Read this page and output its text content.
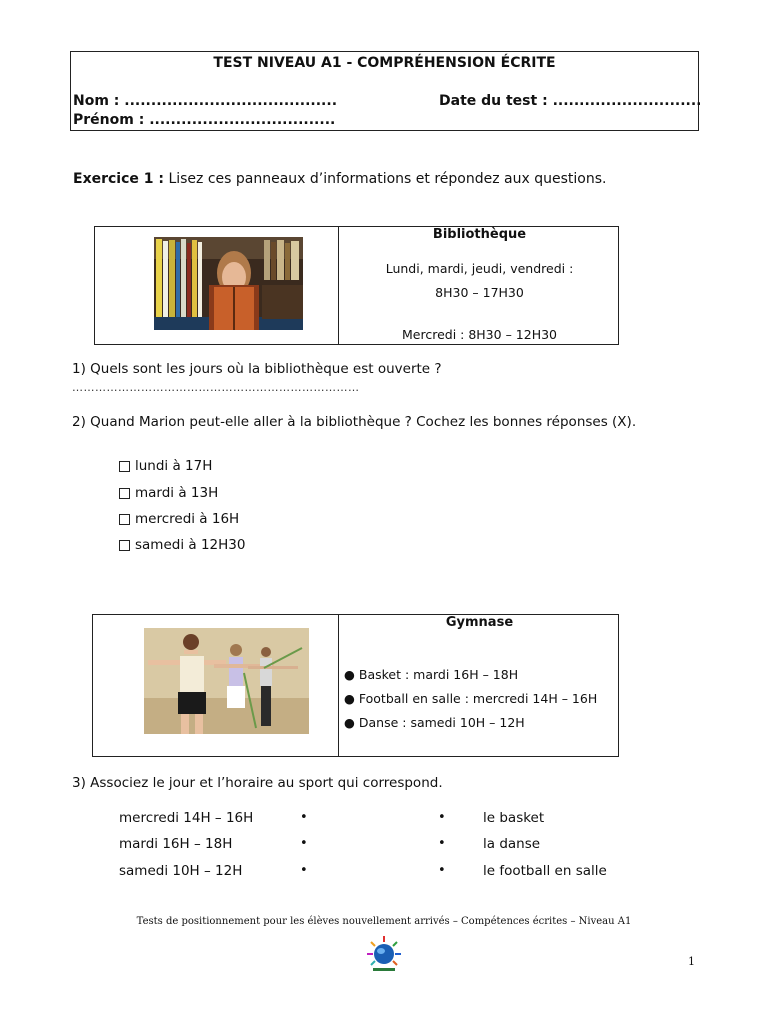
TEST NIVEAU A1 - COMPRÉHENSION ÉCRITE
Nom : ........................................	Date du test : ............................
Prénom : ...................................
Exercice 1 : Lisez ces panneaux d’informations et répondez aux questions.
Bibliothèque
Lundi, mardi, jeudi, vendredi :
8H30 – 17H30
Mercredi : 8H30 – 12H30
1) Quels sont les jours où la bibliothèque est ouverte ?
…………………………………………………………………
2) Quand Marion peut-elle aller à la bibliothèque ? Cochez les bonnes réponses (X).
lundi à 17H
mardi à 13H
mercredi à 16H
samedi à 12H30
Gymnase
● Basket : mardi 16H – 18H
● Football en salle : mercredi 14H – 16H
● Danse : samedi 10H – 12H
3) Associez le jour et l’horaire au sport qui correspond.
mercredi 14H – 16H
mardi 16H – 18H
samedi 10H – 12H
•
•
•
•
•
•
le basket
la danse
le football en salle
Tests de positionnement pour les élèves nouvellement arrivés – Compétences écrites – Niveau A1
1
